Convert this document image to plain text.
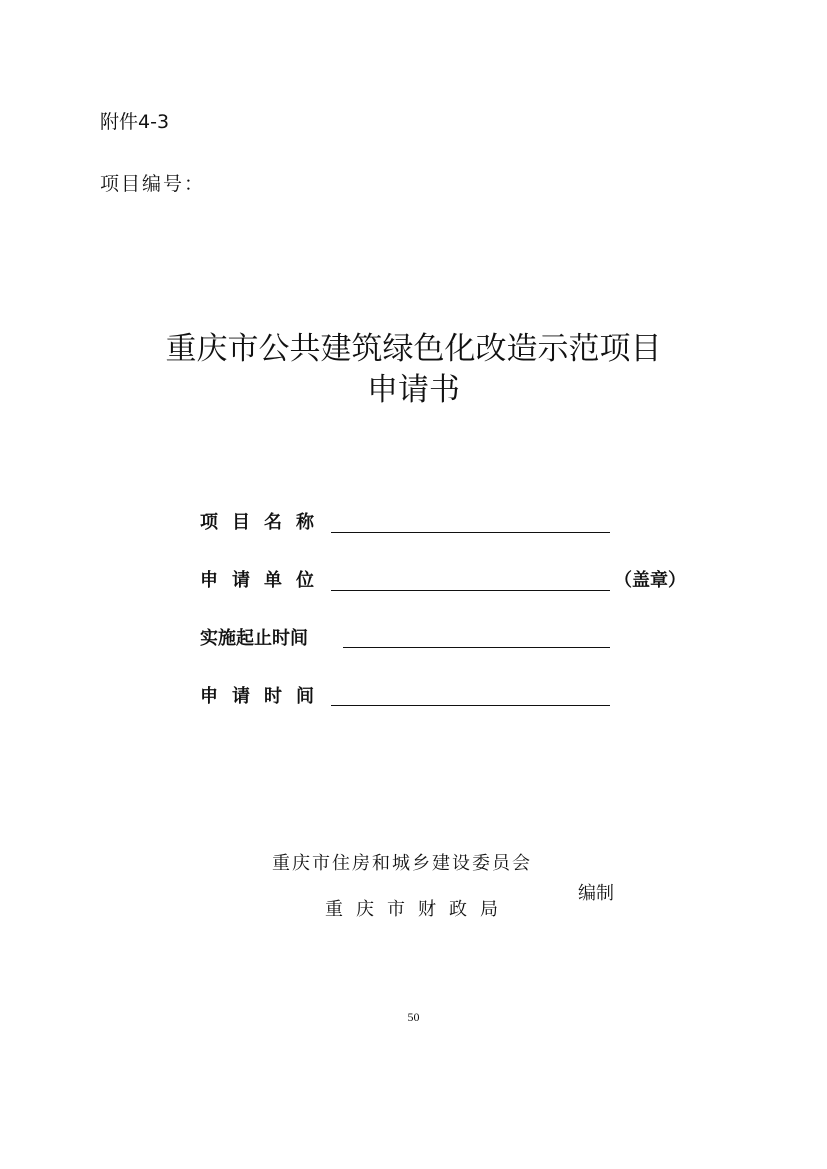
附件4-3
项目编号：
重庆市公共建筑绿色化改造示范项目
申请书
项目名称
申请单位	（盖章）
实施起止时间
申请时间
重庆市住房和城乡建设委员会
重庆市财政局
编制
50
